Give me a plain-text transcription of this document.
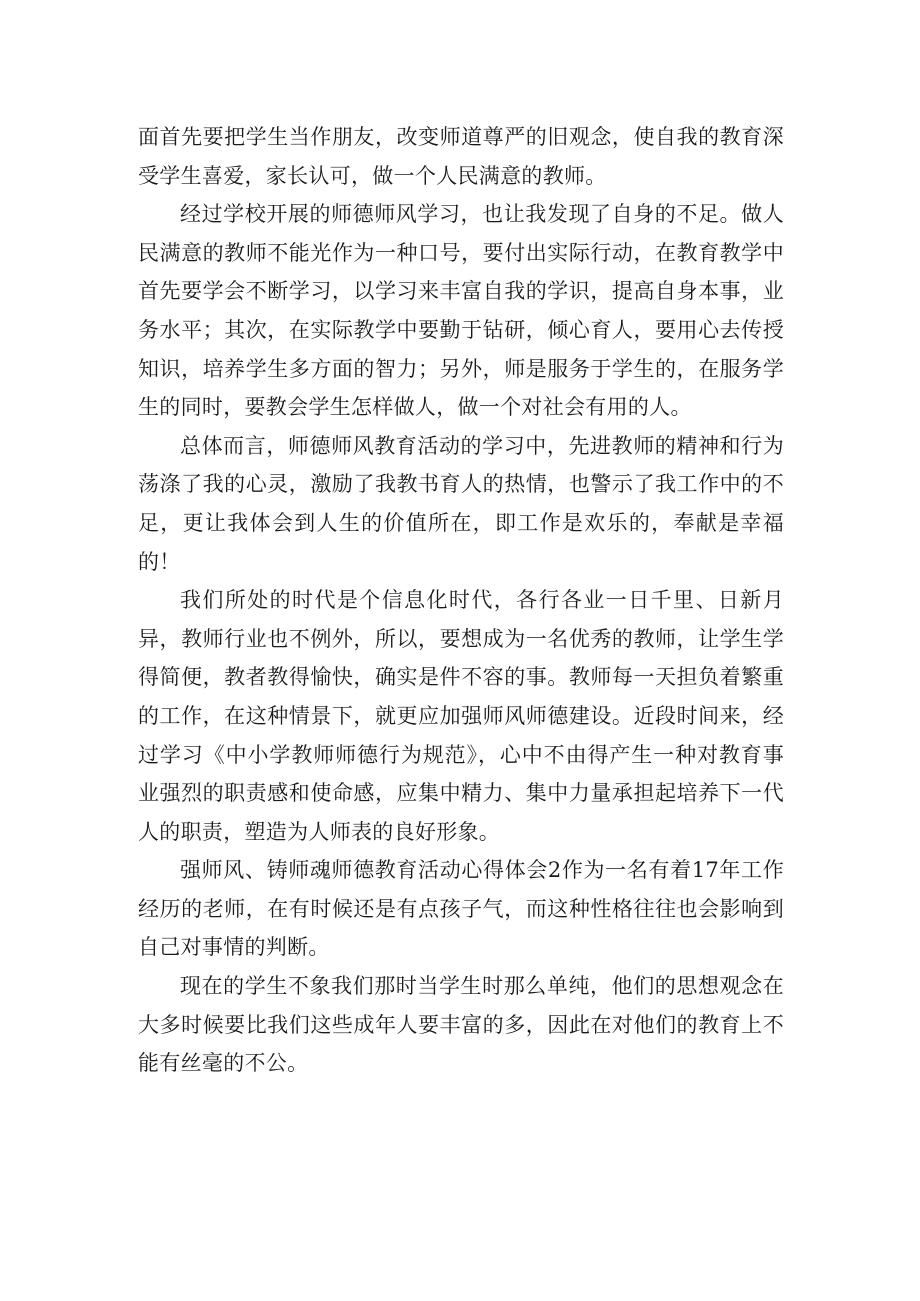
面首先要把学生当作朋友，改变师道尊严的旧观念，使自我的教育深受学生喜爱，家长认可，做一个人民满意的教师。

经过学校开展的师德师风学习，也让我发现了自身的不足。做人民满意的教师不能光作为一种口号，要付出实际行动，在教育教学中首先要学会不断学习，以学习来丰富自我的学识，提高自身本事，业务水平；其次，在实际教学中要勤于钻研，倾心育人，要用心去传授知识，培养学生多方面的智力；另外，师是服务于学生的，在服务学生的同时，要教会学生怎样做人，做一个对社会有用的人。

总体而言，师德师风教育活动的学习中，先进教师的精神和行为荡涤了我的心灵，激励了我教书育人的热情，也警示了我工作中的不足，更让我体会到人生的价值所在，即工作是欢乐的，奉献是幸福的！

我们所处的时代是个信息化时代，各行各业一日千里、日新月异，教师行业也不例外，所以，要想成为一名优秀的教师，让学生学得简便，教者教得愉快，确实是件不容的事。教师每一天担负着繁重的工作，在这种情景下，就更应加强师风师德建设。近段时间来，经过学习《中小学教师师德行为规范》，心中不由得产生一种对教育事业强烈的职责感和使命感，应集中精力、集中力量承担起培养下一代人的职责，塑造为人师表的良好形象。

强师风、铸师魂师德教育活动心得体会2作为一名有着17年工作经历的老师，在有时候还是有点孩子气，而这种性格往往也会影响到自己对事情的判断。

现在的学生不象我们那时当学生时那么单纯，他们的思想观念在大多时候要比我们这些成年人要丰富的多，因此在对他们的教育上不能有丝毫的不公。
